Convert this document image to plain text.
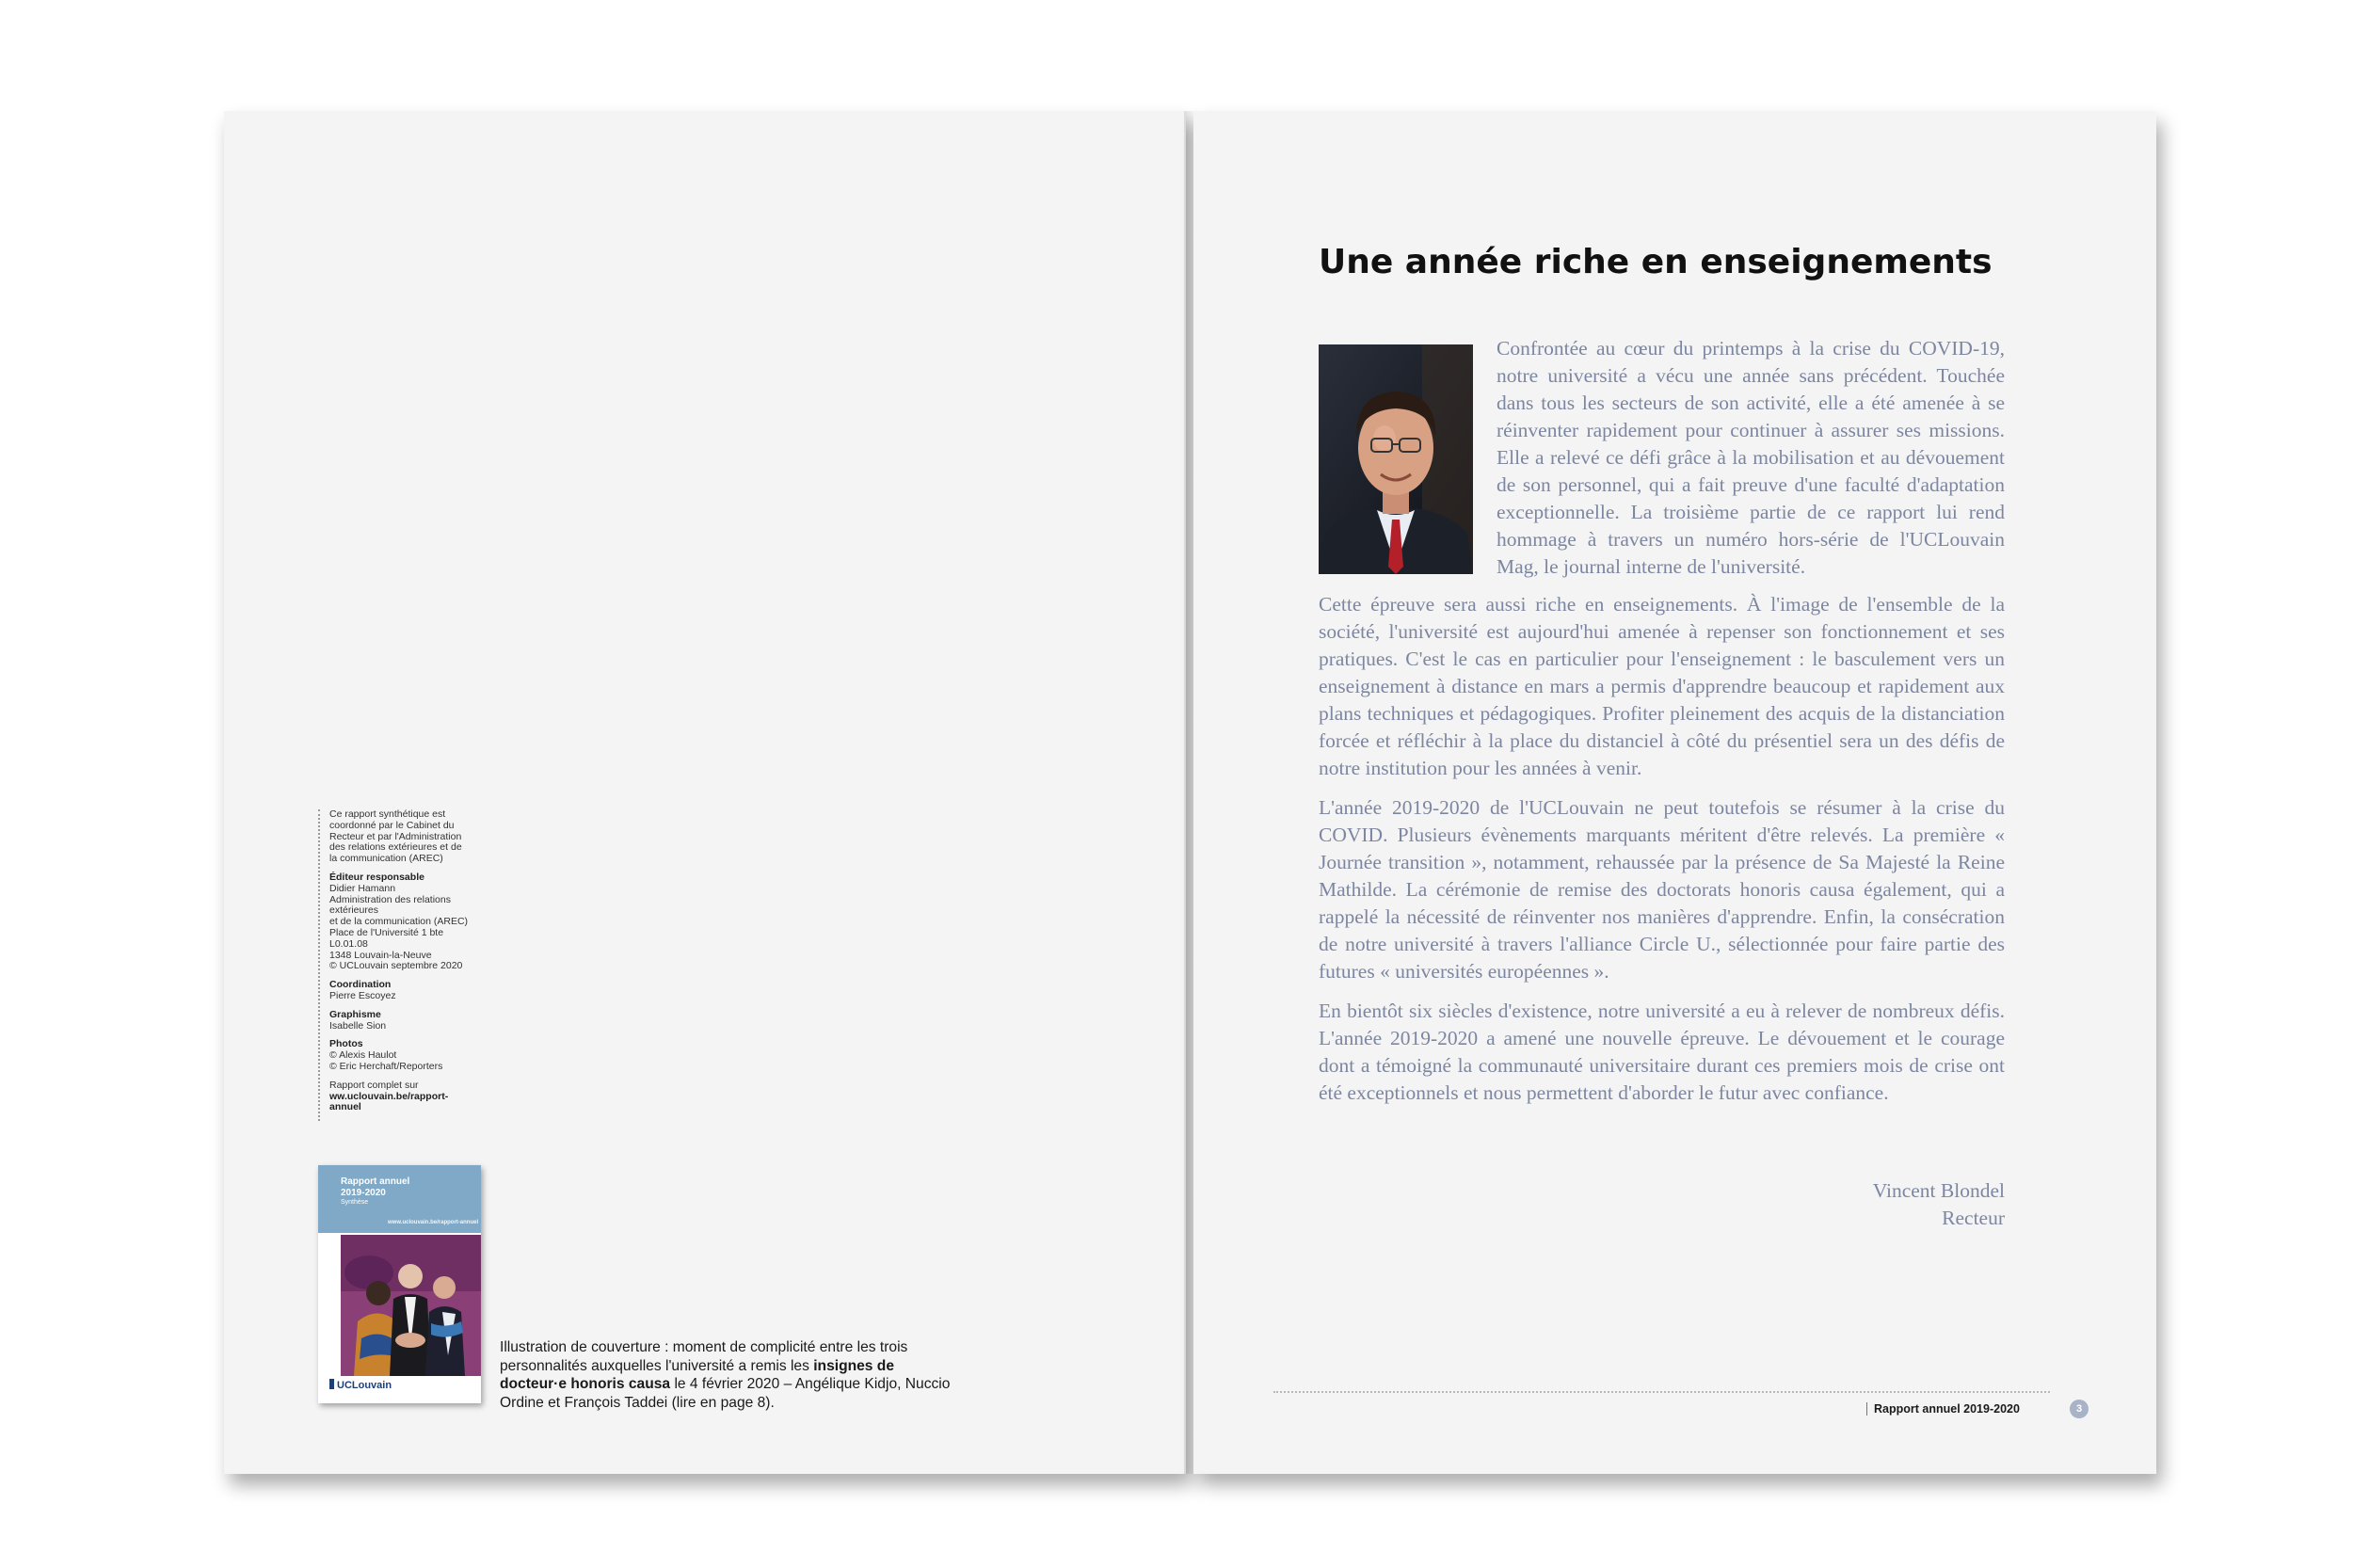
Ce rapport synthétique est
coordonné par le Cabinet du
Recteur et par l'Administration
des relations extérieures et de
la communication (AREC)
Éditeur responsable
Didier Hamann
Administration des relations
extérieures
et de la communication (AREC)
Place de l'Université 1 bte
L0.01.08
1348 Louvain-la-Neuve
© UCLouvain septembre 2020
Coordination
Pierre Escoyez
Graphisme
Isabelle Sion
Photos
© Alexis Haulot
© Eric Herchaft/Reporters
Rapport complet sur
ww.uclouvain.be/rapport-
annuel
Rapport annuel
2019-2020
Synthèse
www.uclouvain.be/rapport-annuel
UCLouvain
Illustration de couverture : moment de complicité entre les trois personnalités auxquelles l'université a remis les insignes de docteur·e honoris causa le 4 février 2020 – Angélique Kidjo, Nuccio Ordine et François Taddei (lire en page 8).
Une année riche en enseignements

Confrontée au cœur du printemps à la crise du COVID-19, notre université a vécu une année sans précédent. Touchée dans tous les secteurs de son activité, elle a été amenée à se réinventer rapidement pour continuer à assurer ses missions. Elle a relevé ce défi grâce à la mobilisation et au dévouement de son personnel, qui a fait preuve d'une faculté d'adaptation exceptionnelle. La troisième partie de ce rapport lui rend hommage à travers un numéro hors-série de l'UCLouvain Mag, le journal interne de l'université.

Cette épreuve sera aussi riche en enseignements. À l'image de l'ensemble de la société, l'université est aujourd'hui amenée à repenser son fonctionnement et ses pratiques. C'est le cas en particulier pour l'enseignement : le basculement vers un enseignement à distance en mars a permis d'apprendre beaucoup et rapidement aux plans techniques et pédagogiques. Profiter pleinement des acquis de la distanciation forcée et réfléchir à la place du distanciel à côté du présentiel sera un des défis de notre institution pour les années à venir.

L'année 2019-2020 de l'UCLouvain ne peut toutefois se résumer à la crise du COVID. Plusieurs évènements marquants méritent d'être relevés. La première « Journée transition », notamment, rehaussée par la présence de Sa Majesté la Reine Mathilde. La cérémonie de remise des doctorats honoris causa également, qui a rappelé la nécessité de réinventer nos manières d'apprendre. Enfin, la consécration de notre université à travers l'alliance Circle U., sélectionnée pour faire partie des futures « universités européennes ».

En bientôt six siècles d'existence, notre université a eu à relever de nombreux défis. L'année 2019-2020 a amené une nouvelle épreuve. Le dévouement et le courage dont a témoigné la communauté universitaire durant ces premiers mois de crise ont été exceptionnels et nous permettent d'aborder le futur avec confiance.

Vincent Blondel
Recteur
Rapport annuel 2019-2020	3
